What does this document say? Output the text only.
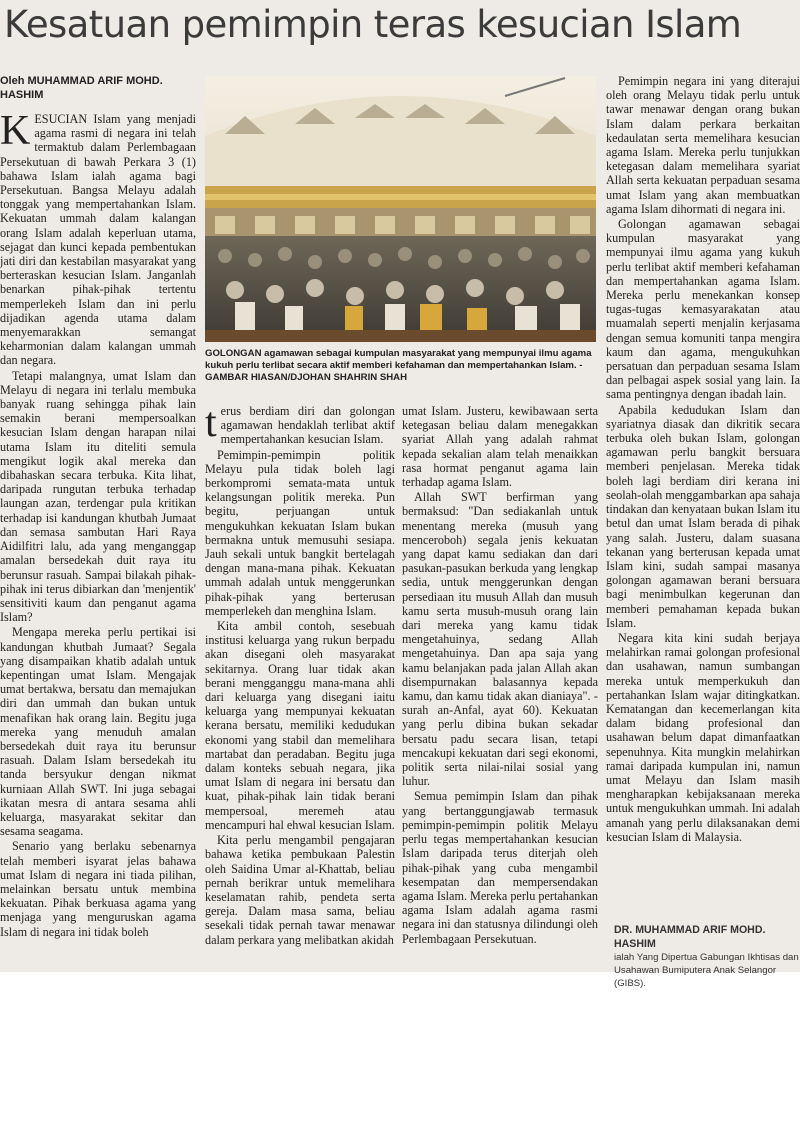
Kesatuan pemimpin teras kesucian Islam
Oleh MUHAMMAD ARIF MOHD. HASHIM

KESUCIAN Islam yang menjadi agama rasmi di negara ini telah termaktub dalam Perlembagaan Persekutuan di bawah Perkara 3 (1) bahawa Islam ialah agama bagi Persekutuan. Bangsa Melayu adalah tonggak yang mempertahankan Islam. Kekuatan ummah dalam kalangan orang Islam adalah keperluan utama, sejagat dan kunci kepada pembentukan jati diri dan kestabilan masyarakat yang berteraskan kesucian Islam. Janganlah benarkan pihak-pihak tertentu memperlekeh Islam dan ini perlu dijadikan agenda utama dalam menyemarakkan semangat keharmonian dalam kalangan ummah dan negara.

Tetapi malangnya, umat Islam dan Melayu di negara ini terlalu membuka banyak ruang sehingga pihak lain semakin berani mempersoalkan kesucian Islam dengan harapan nilai utama Islam itu diteliti semula mengikut logik akal mereka dan dibahaskan secara terbuka. Kita lihat, daripada rungutan terbuka terhadap laungan azan, terdengar pula kritikan terhadap isi kandungan khutbah Jumaat dan semasa sambutan Hari Raya Aidilfitri lalu, ada yang menganggap amalan bersedekah duit raya itu berunsur rasuah. Sampai bilakah pihak-pihak ini terus dibiarkan dan 'menjentik' sensitiviti kaum dan penganut agama Islam?

Mengapa mereka perlu pertikai isi kandungan khutbah Jumaat? Segala yang disampaikan khatib adalah untuk kepentingan umat Islam. Mengajak umat bertakwa, bersatu dan memajukan diri dan ummah dan bukan untuk menafikan hak orang lain. Begitu juga mereka yang menuduh amalan bersedekah duit raya itu berunsur rasuah. Dalam Islam bersedekah itu tanda bersyukur dengan nikmat kurniaan Allah SWT. Ini juga sebagai ikatan mesra di antara sesama ahli keluarga, masyarakat sekitar dan sesama seagama.

Senario yang berlaku sebenarnya telah memberi isyarat jelas bahawa umat Islam di negara ini tiada pilihan, melainkan bersatu untuk membina kekuatan. Pihak berkuasa agama yang menjaga yang menguruskan agama Islam di negara ini tidak boleh

GOLONGAN agamawan sebagai kumpulan masyarakat yang mempunyai ilmu agama kukuh perlu terlibat secara aktif memberi kefahaman dan mempertahankan Islam. - GAMBAR HIASAN/DJOHAN SHAHRIN SHAH

terus berdiam diri dan golongan agamawan hendaklah terlibat aktif mempertahankan kesucian Islam.

Pemimpin-pemimpin politik Melayu pula tidak boleh lagi berkompromi semata-mata untuk kelangsungan politik mereka. Pun begitu, perjuangan untuk mengukuhkan kekuatan Islam bukan bermakna untuk memusuhi sesiapa. Jauh sekali untuk bangkit bertelagah dengan mana-mana pihak. Kekuatan ummah adalah untuk menggerunkan pihak-pihak yang berterusan memperlekeh dan menghina Islam.

Kita ambil contoh, sesebuah institusi keluarga yang rukun berpadu akan disegani oleh masyarakat sekitarnya. Orang luar tidak akan berani mengganggu mana-mana ahli dari keluarga yang disegani iaitu keluarga yang mempunyai kekuatan kerana bersatu, memiliki kedudukan ekonomi yang stabil dan memelihara martabat dan peradaban. Begitu juga dalam konteks sebuah negara, jika umat Islam di negara ini bersatu dan kuat, pihak-pihak lain tidak berani mempersoal, meremeh atau mencampuri hal ehwal kesucian Islam.

Kita perlu mengambil pengajaran bahawa ketika pembukaan Palestin oleh Saidina Umar al-Khattab, beliau pernah berikrar untuk memelihara keselamatan rahib, pendeta serta gereja. Dalam masa sama, beliau sesekali tidak pernah tawar menawar dalam perkara yang melibatkan akidah

umat Islam. Justeru, kewibawaan serta ketegasan beliau dalam menegakkan syariat Allah yang adalah rahmat kepada sekalian alam telah menaikkan rasa hormat penganut agama lain terhadap agama Islam.

Allah SWT berfirman yang bermaksud: "Dan sediakanlah untuk menentang mereka (musuh yang menceroboh) segala jenis kekuatan yang dapat kamu sediakan dan dari pasukan-pasukan berkuda yang lengkap sedia, untuk menggerunkan dengan persediaan itu musuh Allah dan musuh kamu serta musuh-musuh orang lain dari mereka yang kamu tidak mengetahuinya, sedang Allah mengetahuinya. Dan apa saja yang kamu belanjakan pada jalan Allah akan disempurnakan balasannya kepada kamu, dan kamu tidak akan dianiaya". - surah an-Anfal, ayat 60). Kekuatan yang perlu dibina bukan sekadar bersatu padu secara lisan, tetapi mencakupi kekuatan dari segi ekonomi, politik serta nilai-nilai sosial yang luhur.

Semua pemimpin Islam dan pihak yang bertanggungjawab termasuk pemimpin-pemimpin politik Melayu perlu tegas mempertahankan kesucian Islam daripada terus diterjah oleh pihak-pihak yang cuba mengambil kesempatan dan mempersendakan agama Islam. Mereka perlu pertahankan agama Islam adalah agama rasmi negara ini dan statusnya dilindungi oleh Perlembagaan Persekutuan.

Pemimpin negara ini yang diterajui oleh orang Melayu tidak perlu untuk tawar menawar dengan orang bukan Islam dalam perkara berkaitan kedaulatan serta memelihara kesucian agama Islam. Mereka perlu tunjukkan ketegasan dalam memelihara syariat Allah serta kekuatan perpaduan sesama umat Islam yang akan membuatkan agama Islam dihormati di negara ini.

Golongan agamawan sebagai kumpulan masyarakat yang mempunyai ilmu agama yang kukuh perlu terlibat aktif memberi kefahaman dan mempertahankan agama Islam. Mereka perlu menekankan konsep tugas-tugas kemasyarakatan atau muamalah seperti menjalin kerjasama dengan semua komuniti tanpa mengira kaum dan agama, mengukuhkan persatuan dan perpaduan sesama Islam dan pelbagai aspek sosial yang lain. Ia sama pentingnya dengan ibadah lain.

Apabila kedudukan Islam dan syariatnya diasak dan dikritik secara terbuka oleh bukan Islam, golongan agamawan perlu bangkit bersuara memberi penjelasan. Mereka tidak boleh lagi berdiam diri kerana ini seolah-olah menggambarkan apa sahaja tindakan dan kenyataan bukan Islam itu betul dan umat Islam berada di pihak yang salah. Justeru, dalam suasana tekanan yang berterusan kepada umat Islam kini, sudah sampai masanya golongan agamawan berani bersuara bagi menimbulkan kegerunan dan memberi pemahaman kepada bukan Islam.

Negara kita kini sudah berjaya melahirkan ramai golongan profesional dan usahawan, namun sumbangan mereka untuk memperkukuh dan pertahankan Islam wajar ditingkatkan. Kematangan dan kecemerlangan kita dalam bidang profesional dan usahawan belum dapat dimanfaatkan sepenuhnya. Kita mungkin melahirkan ramai daripada kumpulan ini, namun umat Melayu dan Islam masih mengharapkan kebijaksanaan mereka untuk mengukuhkan ummah. Ini adalah amanah yang perlu dilaksanakan demi kesucian Islam di Malaysia.

DR. MUHAMMAD ARIF MOHD. HASHIM
ialah Yang Dipertua Gabungan Ikhtisas dan Usahawan Bumiputera Anak Selangor (GIBS).
